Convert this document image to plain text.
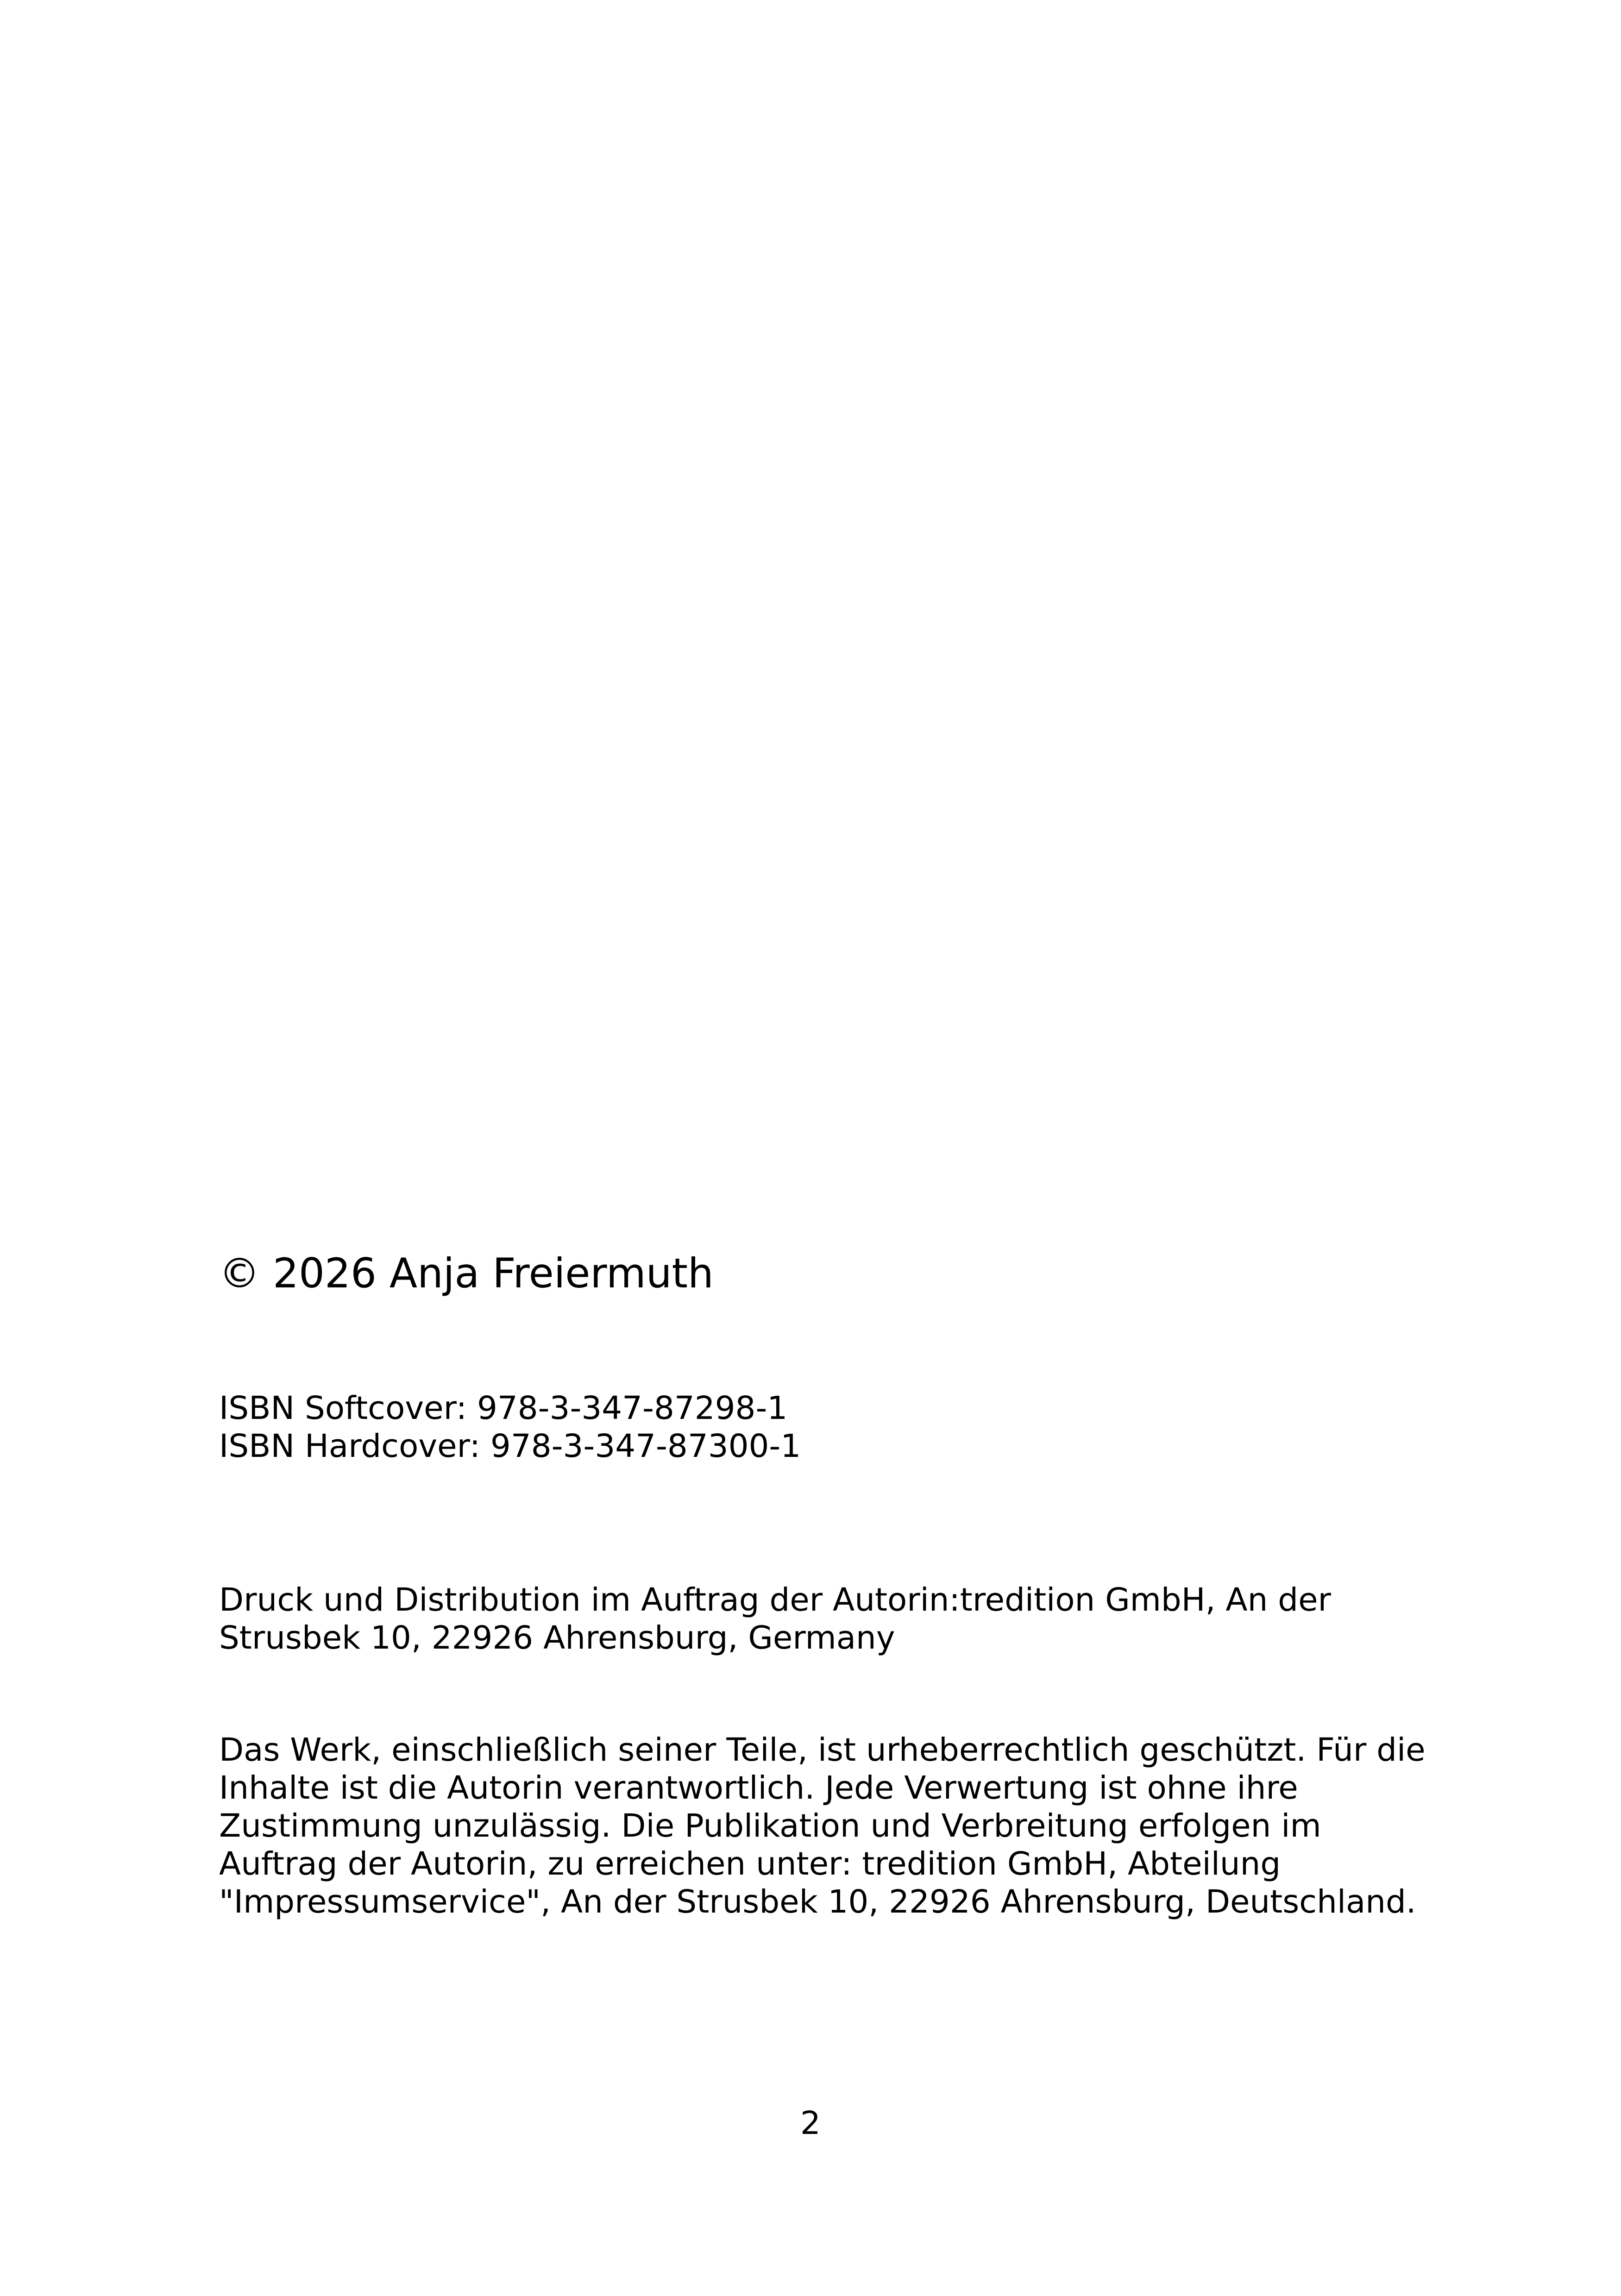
© 2026 Anja Freiermuth

ISBN Softcover: 978-3-347-87298-1
ISBN Hardcover: 978-3-347-87300-1
Druck und Distribution im Auftrag der Autorin:tredition GmbH, An der
Strusbek 10, 22926 Ahrensburg, Germany
Das Werk, einschließlich seiner Teile, ist urheberrechtlich geschützt. Für die
Inhalte ist die Autorin verantwortlich. Jede Verwertung ist ohne ihre
Zustimmung unzulässig. Die Publikation und Verbreitung erfolgen im
Auftrag der Autorin, zu erreichen unter: tredition GmbH, Abteilung
"Impressumservice", An der Strusbek 10, 22926 Ahrensburg, Deutschland.

2
